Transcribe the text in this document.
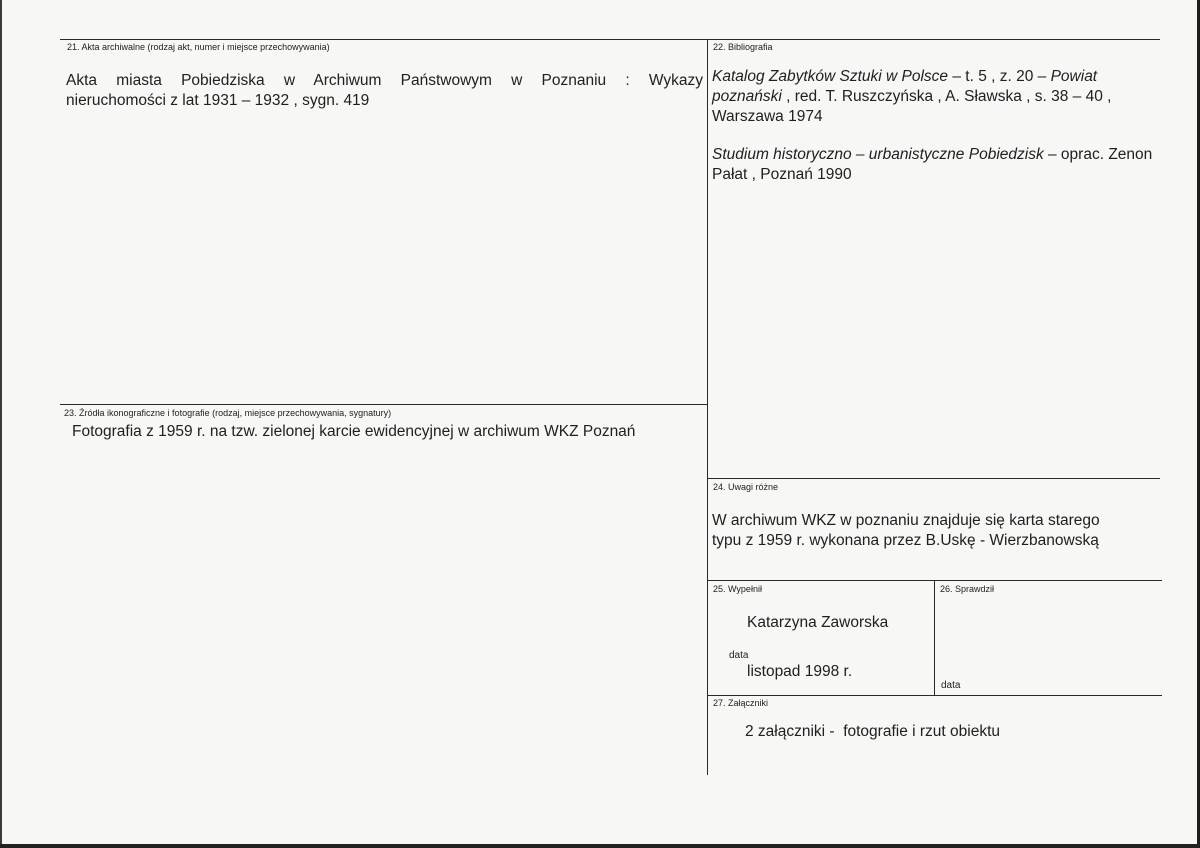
21. Akta archiwalne (rodzaj akt, numer i miejsce przechowywania)
Akta miasta Pobiedziska w Archiwum Państwowym w Poznaniu : Wykazy
nieruchomości z lat 1931 – 1932 , sygn. 419
22. Bibliografia
Katalog Zabytków Sztuki w Polsce – t. 5 , z. 20 – Powiat poznański , red. T. Ruszczyńska , A. Sławska , s. 38 – 40 , Warszawa 1974
Studium historyczno – urbanistyczne Pobiedzisk – oprac. Zenon Pałat , Poznań 1990
23. Źródła ikonograficzne i fotografie (rodzaj, miejsce przechowywania, sygnatury)
Fotografia z 1959 r. na tzw. zielonej karcie ewidencyjnej w archiwum WKZ Poznań
24. Uwagi różne
W archiwum WKZ w poznaniu znajduje się karta starego
typu z 1959 r. wykonana przez B.Uskę - Wierzbanowską
25. Wypełnił
Katarzyna Zaworska
data
listopad 1998 r.
26. Sprawdził
data
27. Załączniki
2 załączniki -  fotografie i rzut obiektu
